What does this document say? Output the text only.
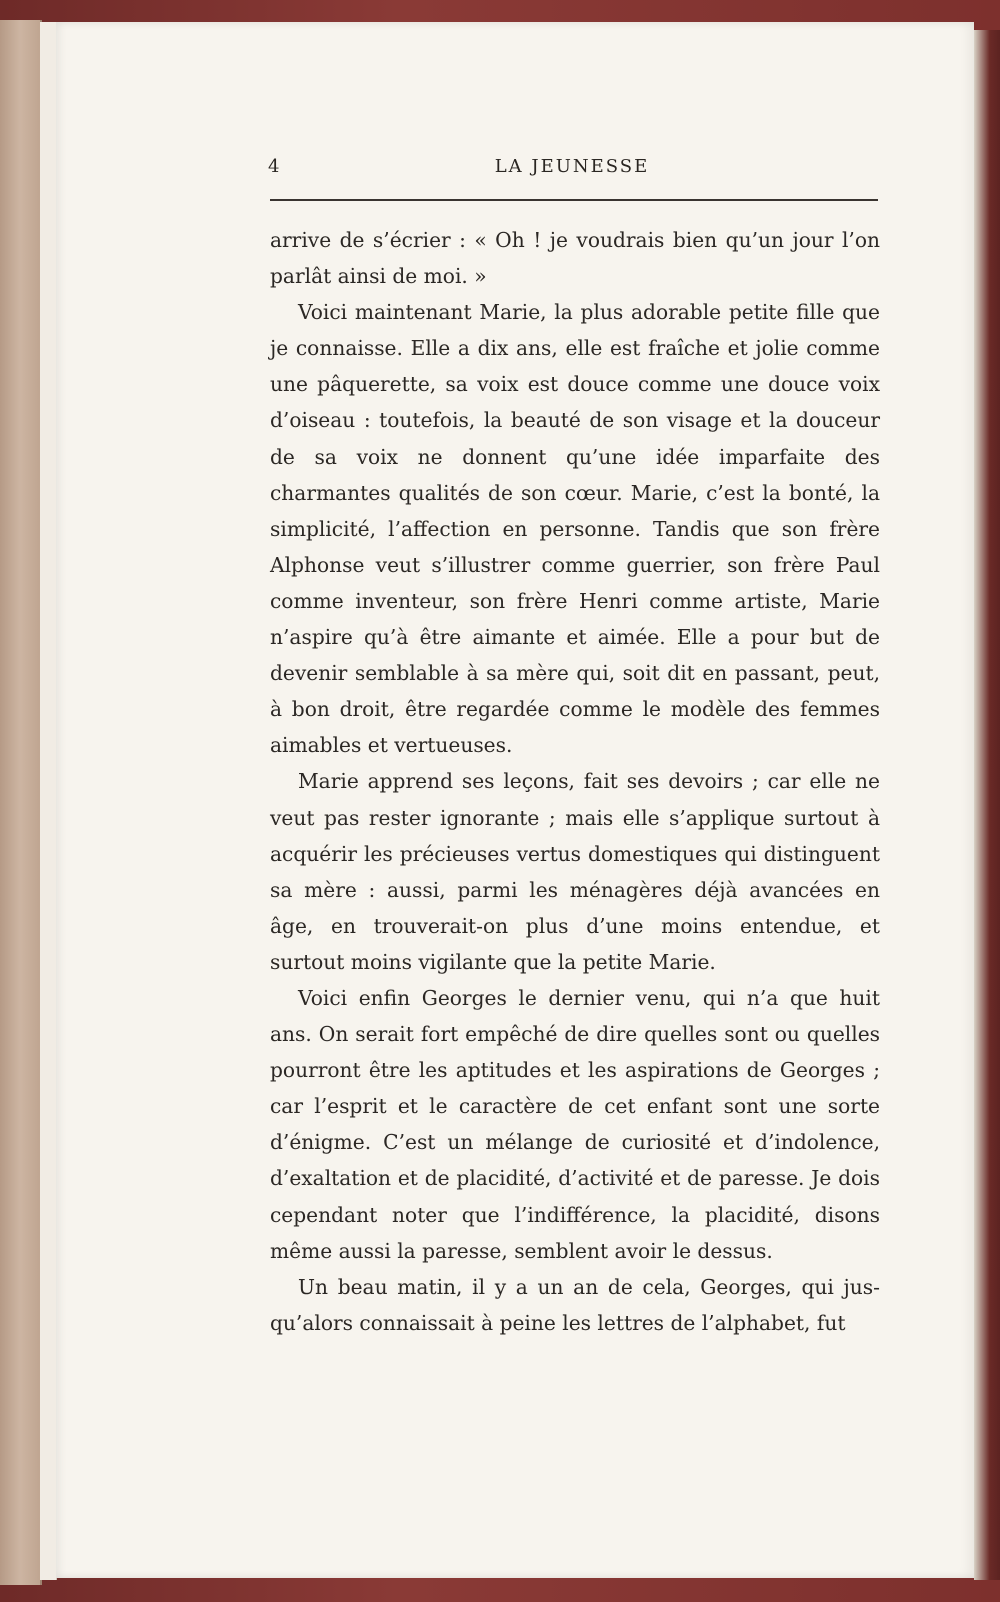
4	LA JEUNESSE

arrive de s’écrier : « Oh ! je voudrais bien qu’un jour l’on parlât ainsi de moi. »

Voici maintenant Marie, la plus adorable petite fille que je connaisse. Elle a dix ans, elle est fraîche et jolie comme une pâquerette, sa voix est douce comme une douce voix d’oiseau : toutefois, la beauté de son visage et la douceur de sa voix ne donnent qu’une idée imparfaite des charmantes qualités de son cœur. Marie, c’est la bonté, la simplicité, l’affection en personne. Tandis que son frère Alphonse veut s’illustrer comme guerrier, son frère Paul comme inventeur, son frère Henri comme artiste, Marie n’aspire qu’à être aimante et aimée. Elle a pour but de devenir semblable à sa mère qui, soit dit en passant, peut, à bon droit, être regardée comme le modèle des femmes aimables et vertueuses.

Marie apprend ses leçons, fait ses devoirs ; car elle ne veut pas rester ignorante ; mais elle s’applique surtout à acquérir les précieuses vertus domestiques qui distinguent sa mère : aussi, parmi les ménagères déjà avancées en âge, en trouverait-on plus d’une moins entendue, et surtout moins vigilante que la petite Marie.

Voici enfin Georges le dernier venu, qui n’a que huit ans. On serait fort empêché de dire quelles sont ou quelles pourront être les aptitudes et les aspirations de Georges ; car l’esprit et le caractère de cet enfant sont une sorte d’énigme. C’est un mélange de curiosité et d’indolence, d’exaltation et de placidité, d’activité et de paresse. Je dois cependant noter que l’indifférence, la placidité, disons même aussi la paresse, semblent avoir le dessus.

Un beau matin, il y a un an de cela, Georges, qui jusqu’alors connaissait à peine les lettres de l’alphabet, fut
